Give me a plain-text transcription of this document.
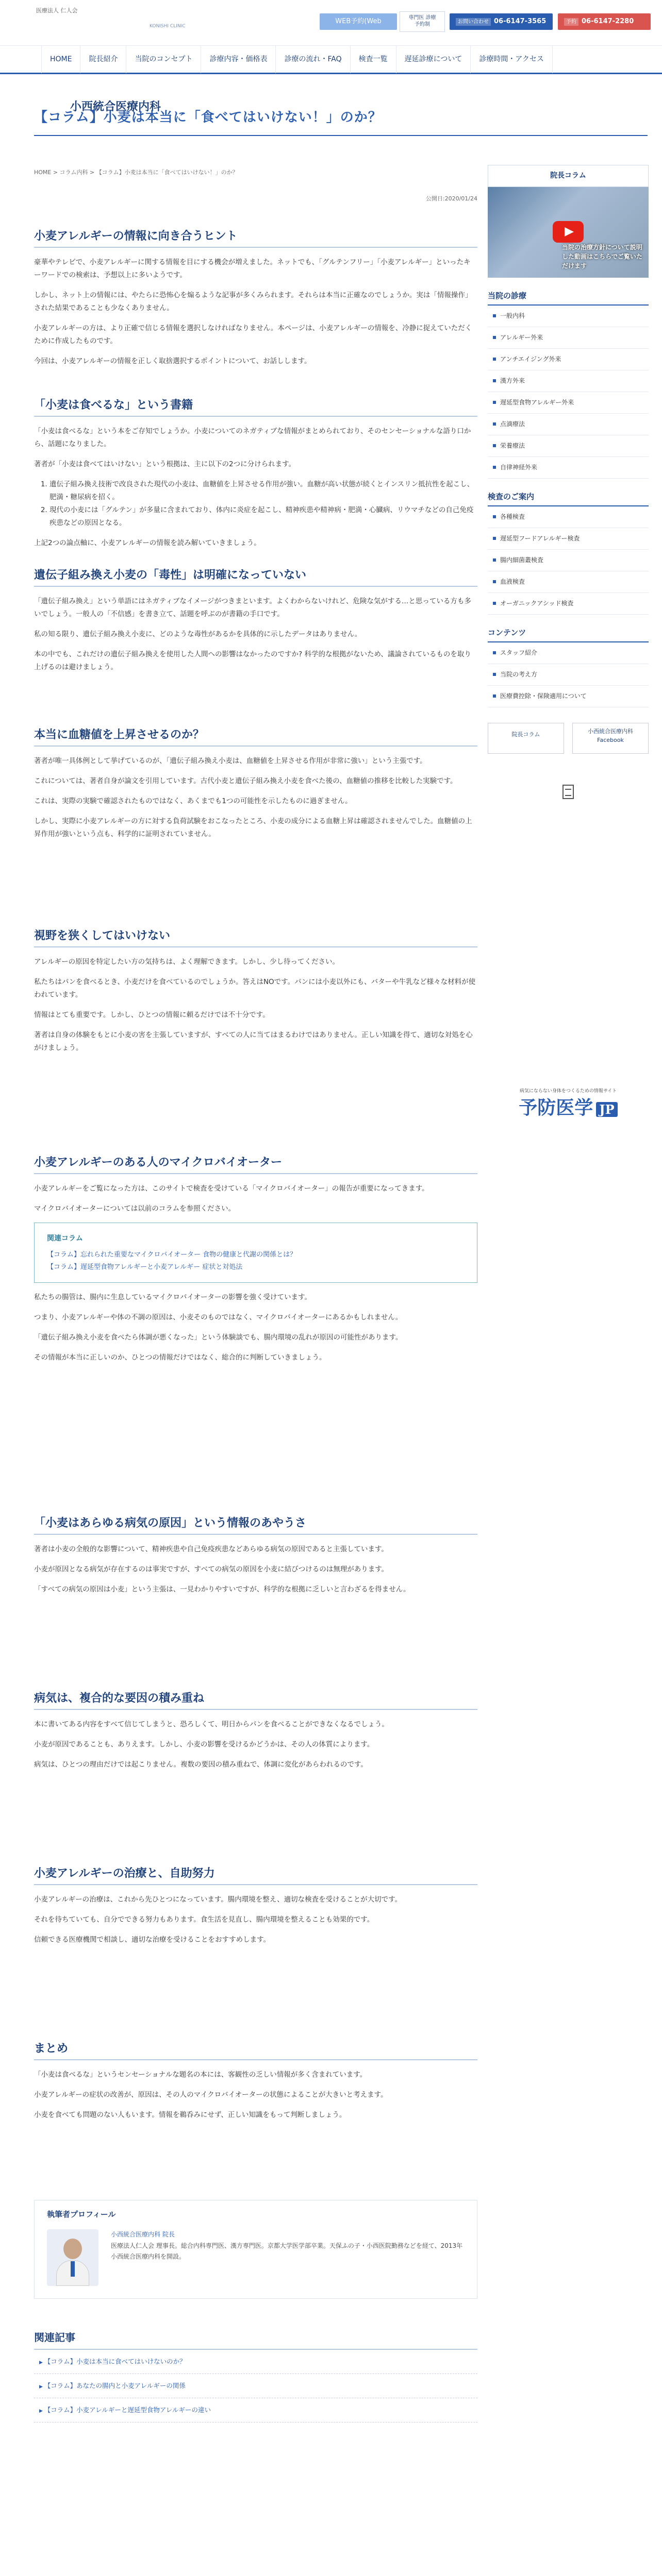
医療法人 仁人会
小西統合医療内科
KONISHI CLINIC
WEB予約(Web Booking) ▶
専門医 診療
予約制	お問い合わせ 06-6147-3565	予約 06-6147-2280
HOME	院長紹介	当院のコンセプト	診療内容・価格表	診療の流れ・FAQ	検査一覧	遅延診療について	診療時間・アクセス
【コラム】小麦は本当に「食べてはいけない！」のか？
HOME > コラム内科 > 【コラム】小麦は本当に「食べてはいけない！」のか？
公開日:2020/01/24
小麦アレルギーの情報に向き合うヒント

豪華やテレビで、小麦アレルギーに関する情報を目にする機会が増えました。ネットでも、「グルテンフリー」「小麦アレルギー」といったキーワードでの検索は、予想以上に多いようです。

しかし、ネット上の情報には、やたらに恐怖心を煽るような記事が多くみられます。それらは本当に正確なのでしょうか。実は「情報操作」された結果であることも少なくありません。

小麦アレルギーの方は、より正確で信じる情報を選択しなければなりません。本ページは、小麦アレルギーの情報を、冷静に捉えていただくために作成したものです。

今回は、小麦アレルギーの情報を正しく取捨選択するポイントについて、お話しします。

「小麦は食べるな」という書籍

「小麦は食べるな」という本をご存知でしょうか。小麦についてのネガティブな情報がまとめられており、そのセンセーショナルな語り口から、話題になりました。

著者が「小麦は食べてはいけない」という根拠は、主に以下の2つに分けられます。

1. 遺伝子組み換え技術で改良された現代の小麦は、血糖値を上昇させる作用が強い。血糖が高い状態が続くとインスリン抵抗性を起こし、肥満・糖尿病を招く。
2. 現代の小麦には「グルテン」が多量に含まれており、体内に炎症を起こし、精神疾患や精神病・肥満・心臓病、リウマチなどの自己免疫疾患などの原因となる。

上記2つの論点軸に、小麦アレルギーの情報を読み解いていきましょう。

遺伝子組み換え小麦の「毒性」は明確になっていない

「遺伝子組み換え」という単語にはネガティブなイメージがつきまといます。よくわからないけれど、危険な気がする…と思っている方も多いでしょう。一般人の「不信感」を書き立て、話題を呼ぶのが書籍の手口です。

私の知る限り、遺伝子組み換え小麦に、どのような毒性があるかを具体的に示したデータはありません。

本の中でも、これだけの遺伝子組み換えを使用した人間への影響はなかったのですか? 科学的な根拠がないため、議論されているものを取り上げるのは避けましょう。

本当に血糖値を上昇させるのか？

著者が唯一具体例として挙げているのが、「遺伝子組み換え小麦は、血糖値を上昇させる作用が非常に強い」という主張です。

これについては、著者自身が論文を引用しています。古代小麦と遺伝子組み換え小麦を食べた後の、血糖値の推移を比較した実験です。

これは、実際の実験で確認されたものではなく、あくまでも1つの可能性を示したものに過ぎません。

しかし、実際に小麦アレルギーの方に対する負荷試験をおこなったところ、小麦の成分による血糖上昇は確認されませんでした。血糖値の上昇作用が強いという点も、科学的に証明されていません。

視野を狭くしてはいけない

アレルギーの原因を特定したい方の気持ちは、よく理解できます。しかし、少し待ってください。

私たちはパンを食べるとき、小麦だけを食べているのでしょうか。答えはNOです。パンには小麦以外にも、バターや牛乳など様々な材料が使われています。

情報はとても重要です。しかし、ひとつの情報に頼るだけでは不十分です。

著者は自身の体験をもとに小麦の害を主張していますが、すべての人に当てはまるわけではありません。正しい知識を得て、適切な対処を心がけましょう。

小麦アレルギーのある人のマイクロバイオーター

小麦アレルギーをご覧になった方は、このサイトで検査を受けている「マイクロバイオーター」の報告が重要になってきます。

マイクロバイオーターについては以前のコラムを参照ください。

関連コラム
【コラム】忘れられた重要なマイクロバイオーター 食物の健康と代謝の関係とは？
【コラム】遅延型食物アレルギーと小麦アレルギー 症状と対処法

私たちの腸管は、腸内に生息しているマイクロバイオーターの影響を強く受けています。

つまり、小麦アレルギーや体の不調の原因は、小麦そのものではなく、マイクロバイオーターにあるかもしれません。

「遺伝子組み換え小麦を食べたら体調が悪くなった」という体験談でも、腸内環境の乱れが原因の可能性があります。

その情報が本当に正しいのか、ひとつの情報だけではなく、総合的に判断していきましょう。

「小麦はあらゆる病気の原因」という情報のあやうさ

著者は小麦の全般的な影響について、精神疾患や自己免疫疾患などあらゆる病気の原因であると主張しています。

小麦が原因となる病気が存在するのは事実ですが、すべての病気の原因を小麦に結びつけるのは無理があります。

「すべての病気の原因は小麦」という主張は、一見わかりやすいですが、科学的な根拠に乏しいと言わざるを得ません。

病気は、複合的な要因の積み重ね

本に書いてある内容をすべて信じてしまうと、恐ろしくて、明日からパンを食べることができなくなるでしょう。

小麦が原因であることも、ありえます。しかし、小麦の影響を受けるかどうかは、その人の体質によります。

病気は、ひとつの理由だけでは起こりません。複数の要因の積み重ねで、体調に変化があらわれるのです。

小麦アレルギーの治療と、自助努力

小麦アレルギーの治療は、これから先ひとつになっています。腸内環境を整え、適切な検査を受けることが大切です。

それを待ちていても、自分でできる努力もあります。食生活を見直し、腸内環境を整えることも効果的です。

信頼できる医療機関で相談し、適切な治療を受けることをおすすめします。

まとめ

「小麦は食べるな」というセンセーショナルな題名の本には、客観性の乏しい情報が多く含まれています。

小麦アレルギーの症状の改善が、原因は、その人のマイクロバイオーターの状態によることが大きいと考えます。

小麦を食べても問題のない人もいます。情報を鵜呑みにせず、正しい知識をもって判断しましょう。

執筆者プロフィール
小西統合医療内科 院長
医療法人仁人会 理事長。総合内科専門医、漢方専門医。京都大学医学部卒業。天保ふの子・小西医院勤務などを経て、2013年小西統合医療内科を開設。
関連記事
▶ 【コラム】小麦は本当に食べてはいけないのか？
▶ 【コラム】あなたの腸内と小麦アレルギーの関係
▶ 【コラム】小麦アレルギーと遅延型食物アレルギーの違い
院長コラム
当院の治療方針について説明した動画はこちらでご覧いただけます
当院の診療
一般内科
アレルギー外来
アンチエイジング外来
漢方外来
遅延型食物アレルギー外来
点滴療法
栄養療法
自律神経外来
検査のご案内
各種検査
遅延型フードアレルギー検査
腸内細菌叢検査
血液検査
オーガニックアシッド検査
コンテンツ
スタッフ紹介
当院の考え方
医療費控除・保険適用について
院長コラム	小西統合医療内科
Facebook
病気にならない身体をつくるための情報サイト
予防医学 JP
